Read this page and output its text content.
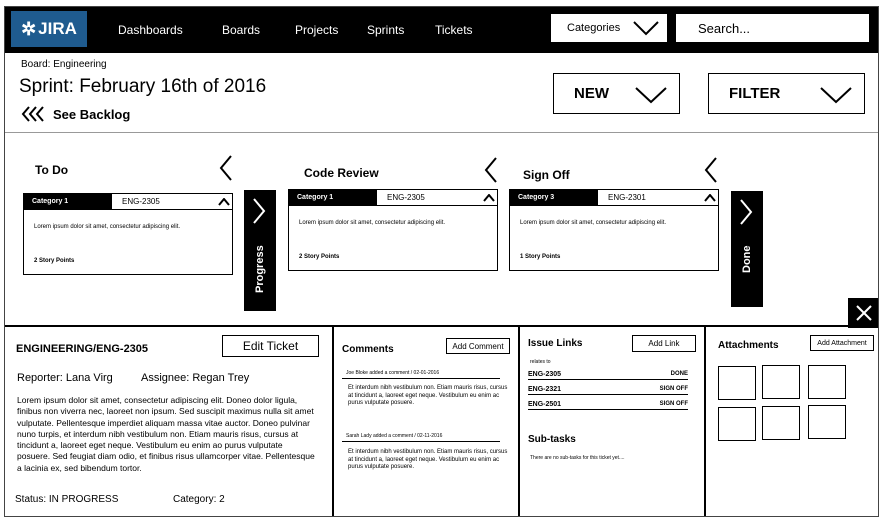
✲ JIRA	Dashboards	Boards	Projects Sprints	Tickets	Categories
Search...
Board: Engineering
Sprint: February 16th of 2016
See Backlog
NEW	FILTER
To Do
Category 1	ENG-2305
Lorem ipsum dolor sit amet, consectetur adipiscing elit.
2 Story Points	Progress
Code Review
Category 1	ENG-2305
Lorem ipsum dolor sit amet, consectetur adipiscing elit.
2 Story Points
Sign Off
Category 3	ENG-2301
Lorem ipsum dolor sit amet, consectetur adipiscing elit.
1 Story Points	Done
ENGINEERING/ENG-2305	Edit Ticket
Reporter: Lana Virg	Assignee: Regan Trey
Lorem ipsum dolor sit amet, consectetur adipiscing elit. Doneo dolor ligula, finibus non viverra nec, laoreet non ipsum. Sed suscipit maximus nulla sit amet vulputate. Pellentesque imperdiet aliquam massa vitae auctor. Doneo pulvinar nuno turpis, et interdum nibh vestibulum non. Etiam mauris risus, cursus at tincidunt a, laoreet eget neque. Vestibulum eu enim ao purus vulputate posuere. Sed feugiat diam odio, et finibus risus ullamcorper vitae. Pellentesque a lacinia ex, sed bibendum tortor.
Status: IN PROGRESS	Category: 2
Comments	Add Comment
Joe Bloke added a comment / 02-01-2016
Et interdum nibh vestibulum non. Etiam mauris risus, cursus at tincidunt a, laoreet eget neque. Vestibulum eu enim ac purus vulputate posuere.
Sarah Lady added a comment / 02-11-2016
Et interdum nibh vestibulum non. Etiam mauris risus, cursus at tincidunt a, laoreet eget neque. Vestibulum eu enim ac purus vulputate posuere.
Issue Links	Add Link
relates to
ENG-2305	DONE
ENG-2321	SIGN OFF
ENG-2501	SIGN OFF
Sub-tasks
There are no sub-tasks for this ticket yet....
Attachments	Add Attachment
